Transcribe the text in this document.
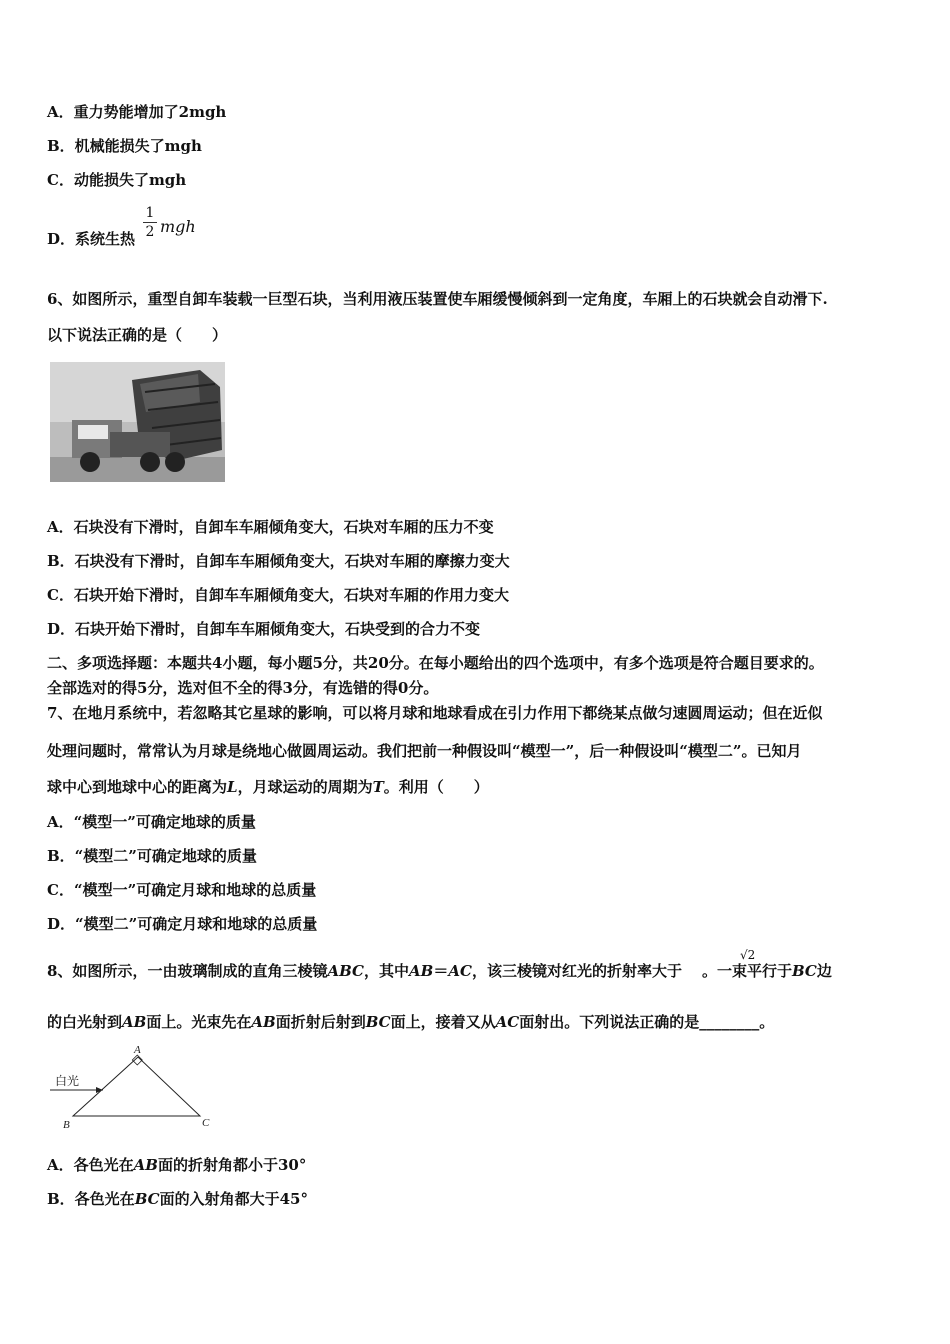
A．重力势能增加了2mgh
B．机械能损失了mgh
C．动能损失了mgh
D．系统生热
1
2 mgh
6、如图所示，重型自卸车装载一巨型石块，当利用液压装置使车厢缓慢倾斜到一定角度，车厢上的石块就会自动滑下.
以下说法正确的是（　　）
A．石块没有下滑时，自卸车车厢倾角变大，石块对车厢的压力不变
B．石块没有下滑时，自卸车车厢倾角变大，石块对车厢的摩擦力变大
C．石块开始下滑时，自卸车车厢倾角变大，石块对车厢的作用力变大
D．石块开始下滑时，自卸车车厢倾角变大，石块受到的合力不变
二、多项选择题：本题共4小题，每小题5分，共20分。在每小题给出的四个选项中，有多个选项是符合题目要求的。
全部选对的得5分，选对但不全的得3分，有选错的得0分。
7、在地月系统中，若忽略其它星球的影响，可以将月球和地球看成在引力作用下都绕某点做匀速圆周运动；但在近似
处理问题时，常常认为月球是绕地心做圆周运动。我们把前一种假设叫“模型一”，后一种假设叫“模型二”。已知月
球中心到地球中心的距离为L，月球运动的周期为T。利用（　　）
A．“模型一”可确定地球的质量
B．“模型二”可确定地球的质量
C．“模型一”可确定月球和地球的总质量
D．“模型二”可确定月球和地球的总质量
8、如图所示，一由玻璃制成的直角三棱镜ABC，其中AB＝AC，该三棱镜对红光的折射率大于 。一束平行于BC边
√2
的白光射到AB面上。光束先在AB面折射后射到BC面上，接着又从AC面射出。下列说法正确的是________。
白光
A
B	C
A．各色光在AB面的折射角都小于30°
B．各色光在BC面的入射角都大于45°
